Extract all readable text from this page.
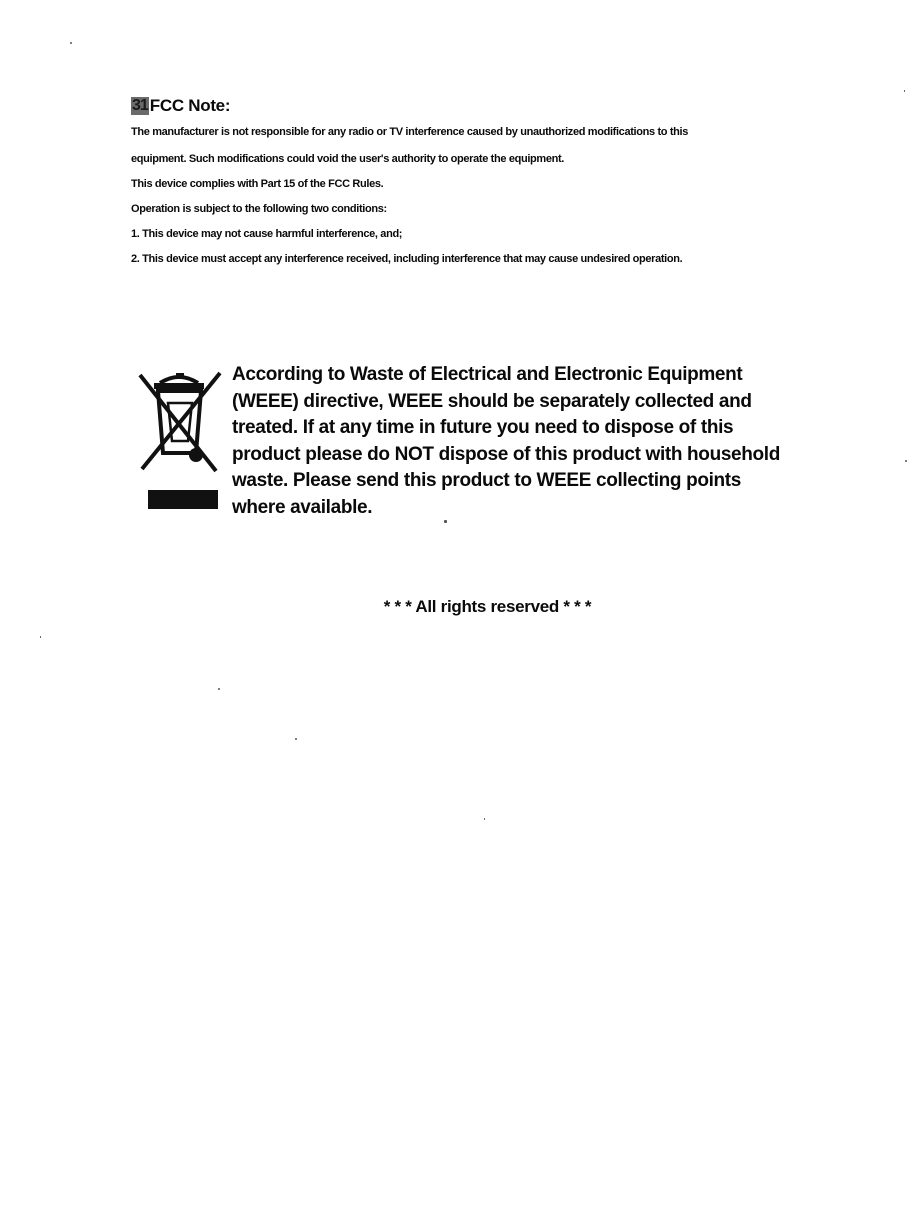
31 FCC Note:
The manufacturer is not responsible for any radio or TV interference caused by unauthorized modifications to this
equipment. Such modifications could void the user's authority to operate the equipment.
This device complies with Part 15 of the FCC Rules.
Operation is subject to the following two conditions:
1. This device may not cause harmful interference, and;
2. This device must accept any interference received, including interference that may cause undesired operation.
According to Waste of Electrical and Electronic Equipment
(WEEE) directive, WEEE should be separately collected and
treated. If at any time in future you need to dispose of this
product please do NOT dispose of this product with household
waste. Please send this product to WEEE collecting points
where available.
* * * All rights reserved * * *
